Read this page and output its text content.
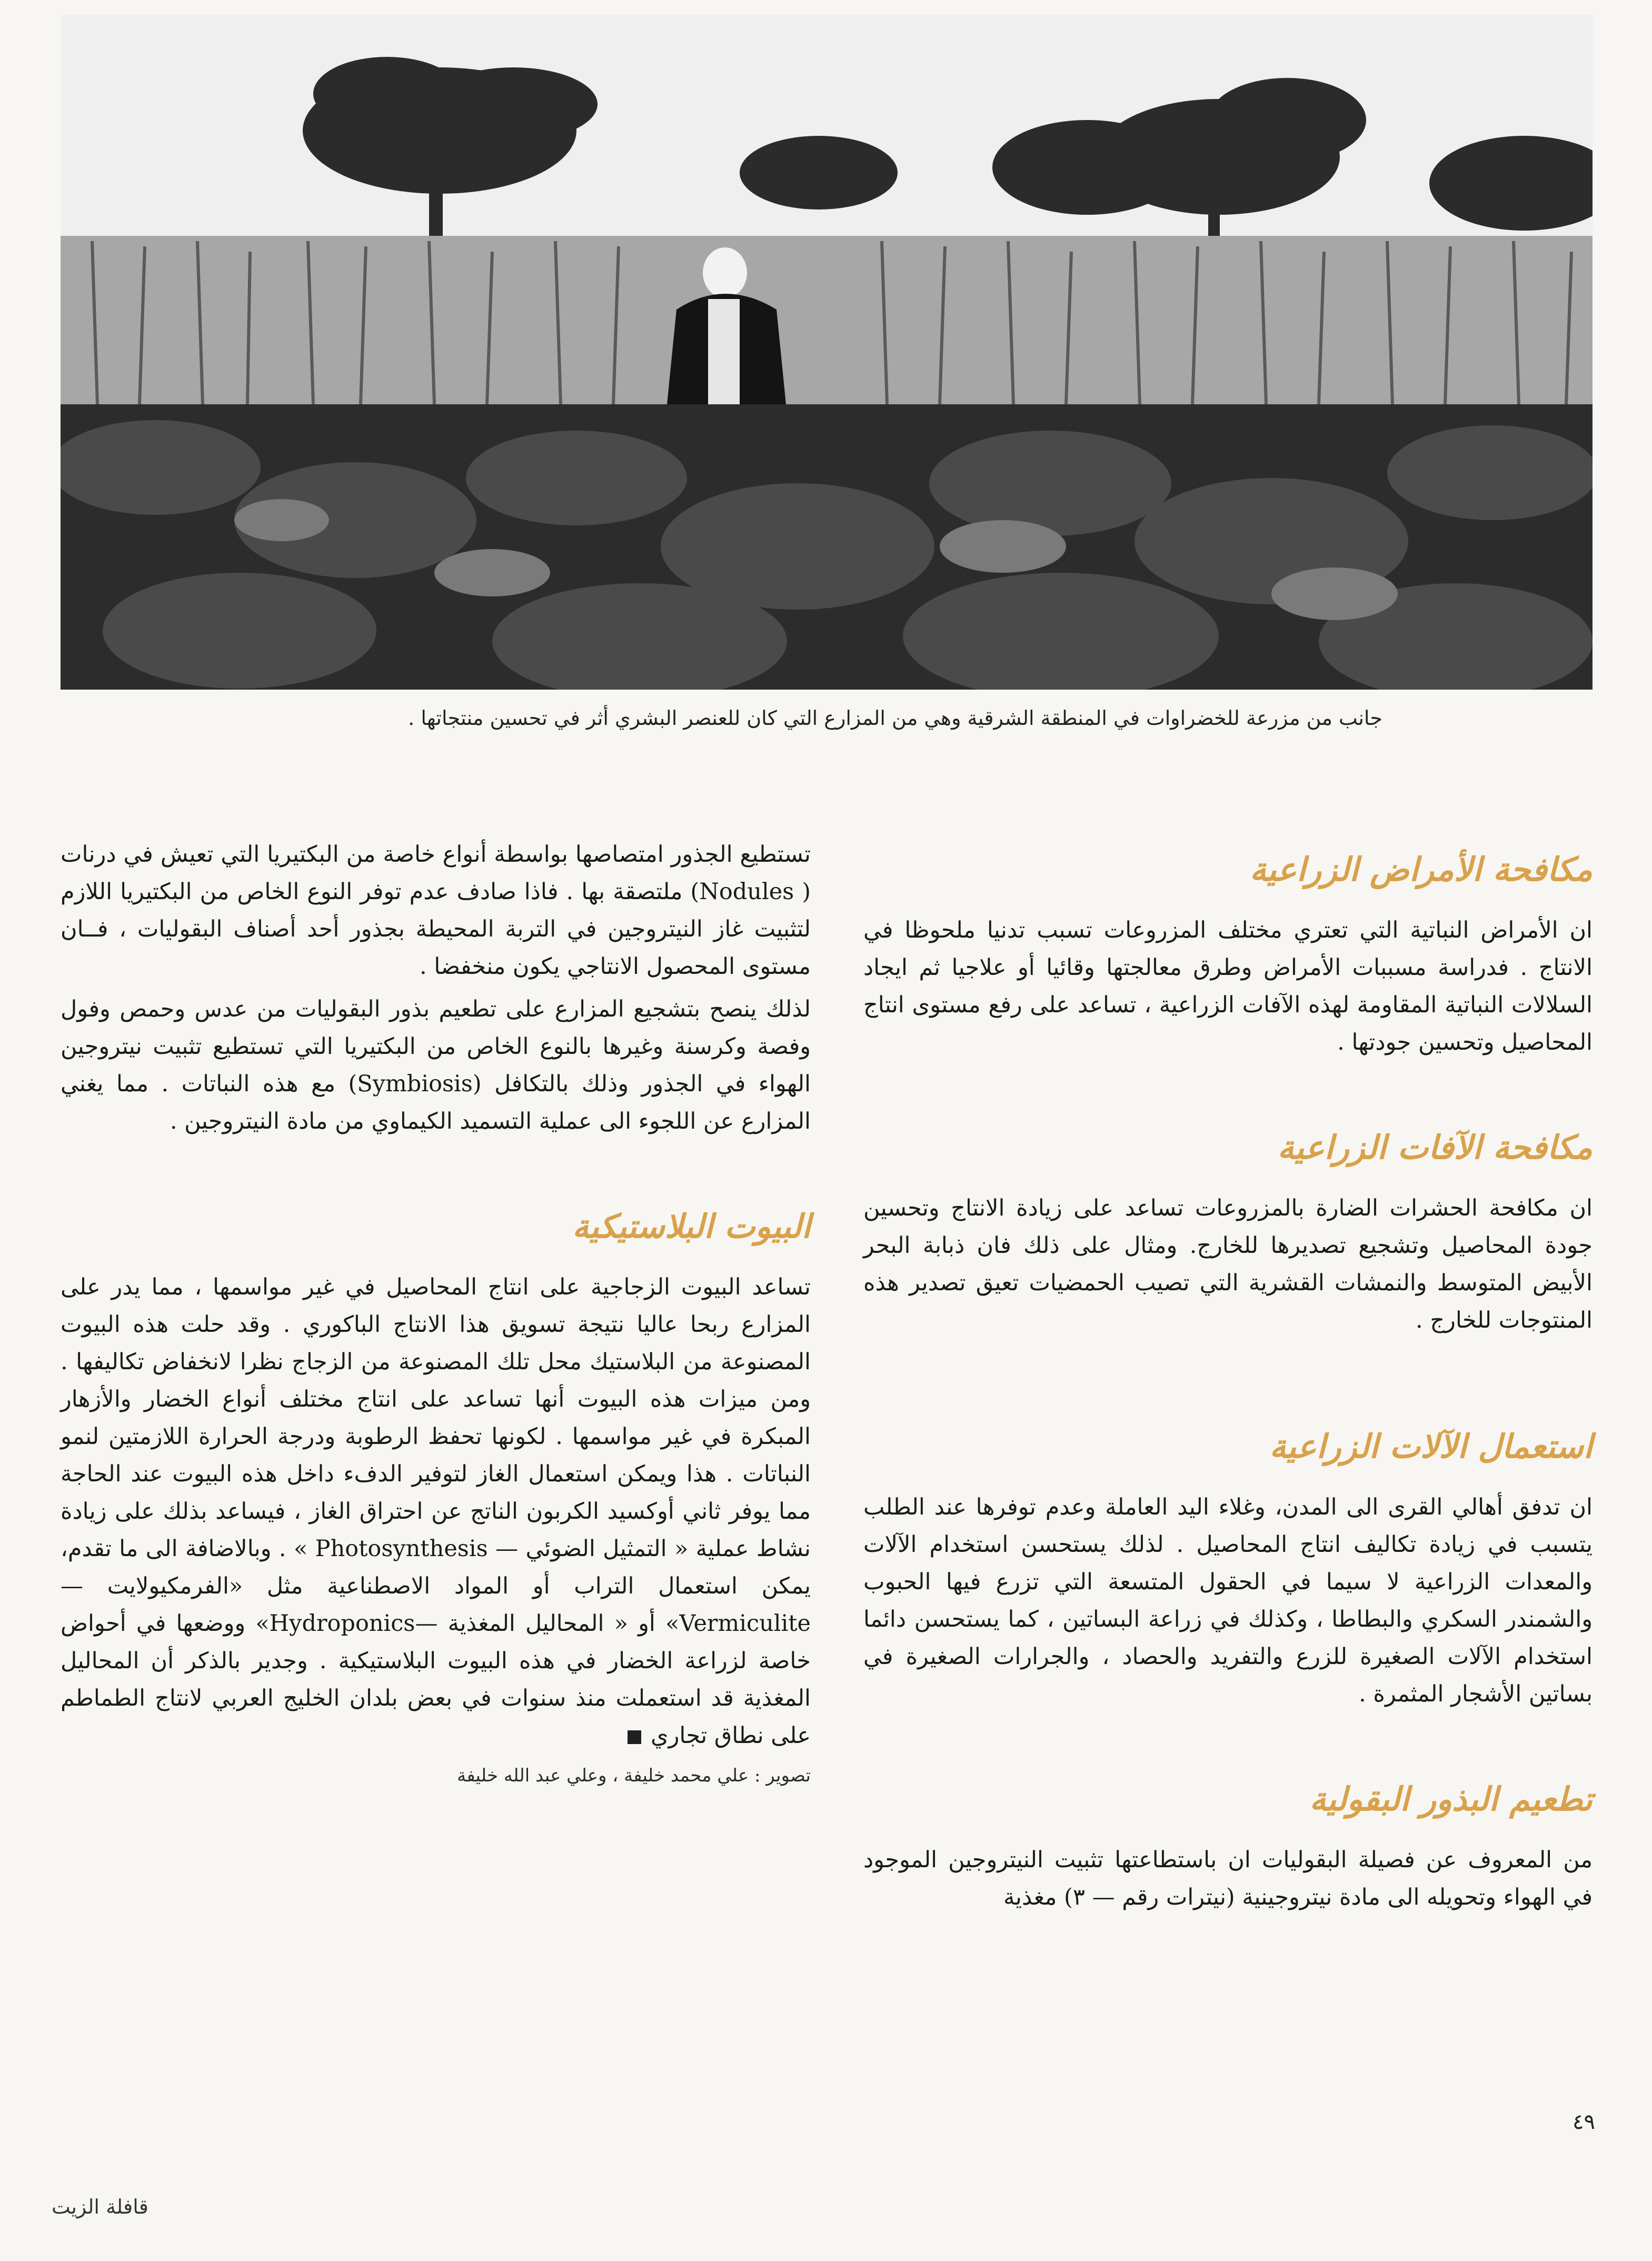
جانب من مزرعة للخضراوات في المنطقة الشرقية وهي من المزارع التي كان للعنصر البشري أثر في تحسين منتجاتها .
مكافحة الأمراض الزراعية

ان الأمراض النباتية التي تعتري مختلف المزروعات تسبب تدنيا ملحوظا في الانتاج . فدراسة مسببات الأمراض وطرق معالجتها وقائيا أو علاجيا ثم ايجاد السلالات النباتية المقاومة لهذه الآفات الزراعية ، تساعد على رفع مستوى انتاج المحاصيل وتحسين جودتها .

مكافحة الآفات الزراعية

ان مكافحة الحشرات الضارة بالمزروعات تساعد على زيادة الانتاج وتحسين جودة المحاصيل وتشجيع تصديرها للخارج. ومثال على ذلك فان ذبابة البحر الأبيض المتوسط والنمشات القشرية التي تصيب الحمضيات تعيق تصدير هذه المنتوجات للخارج .

استعمال الآلات الزراعية

ان تدفق أهالي القرى الى المدن، وغلاء اليد العاملة وعدم توفرها عند الطلب يتسبب في زيادة تكاليف انتاج المحاصيل . لذلك يستحسن استخدام الآلات والمعدات الزراعية لا سيما في الحقول المتسعة التي تزرع فيها الحبوب والشمندر السكري والبطاطا ، وكذلك في زراعة البساتين ، كما يستحسن دائما استخدام الآلات الصغيرة للزرع والتفريد والحصاد ، والجرارات الصغيرة في بساتين الأشجار المثمرة .

تطعيم البذور البقولية

من المعروف عن فصيلة البقوليات ان باستطاعتها تثبيت النيتروجين الموجود في الهواء وتحويله الى مادة نيتروجينية (نيترات رقم — ٣) مغذية

تستطيع الجذور امتصاصها بواسطة أنواع خاصة من البكتيريا التي تعيش في درنات ( Nodules) ملتصقة بها . فاذا صادف عدم توفر النوع الخاص من البكتيريا اللازم لتثبيت غاز النيتروجين في التربة المحيطة بجذور أحد أصناف البقوليات ، فــان مستوى المحصول الانتاجي يكون منخفضا .

لذلك ينصح بتشجيع المزارع على تطعيم بذور البقوليات من عدس وحمص وفول وفصة وكرسنة وغيرها بالنوع الخاص من البكتيريا التي تستطيع تثبيت نيتروجين الهواء في الجذور وذلك بالتكافل (Symbiosis) مع هذه النباتات . مما يغني المزارع عن اللجوء الى عملية التسميد الكيماوي من مادة النيتروجين .

البيوت البلاستيكية

تساعد البيوت الزجاجية على انتاج المحاصيل في غير مواسمها ، مما يدر على المزارع ربحا عاليا نتيجة تسويق هذا الانتاج الباكوري . وقد حلت هذه البيوت المصنوعة من البلاستيك محل تلك المصنوعة من الزجاج نظرا لانخفاض تكاليفها . ومن ميزات هذه البيوت أنها تساعد على انتاج مختلف أنواع الخضار والأزهار المبكرة في غير مواسمها . لكونها تحفظ الرطوبة ودرجة الحرارة اللازمتين لنمو النباتات . هذا ويمكن استعمال الغاز لتوفير الدفء داخل هذه البيوت عند الحاجة مما يوفر ثاني أوكسيد الكربون الناتج عن احتراق الغاز ، فيساعد بذلك على زيادة نشاط عملية « التمثيل الضوئي — Photosynthesis » . وبالاضافة الى ما تقدم، يمكن استعمال التراب أو المواد الاصطناعية مثل «الفرمكيولايت — Vermiculite» أو « المحاليل المغذية —Hydroponics» ووضعها في أحواض خاصة لزراعة الخضار في هذه البيوت البلاستيكية . وجدير بالذكر أن المحاليل المغذية قد استعملت منذ سنوات في بعض بلدان الخليج العربي لانتاج الطماطم على نطاق تجاري

تصوير : علي محمد خليفة ، وعلي عبد الله خليفة
٤٩
قافلة الزيت
